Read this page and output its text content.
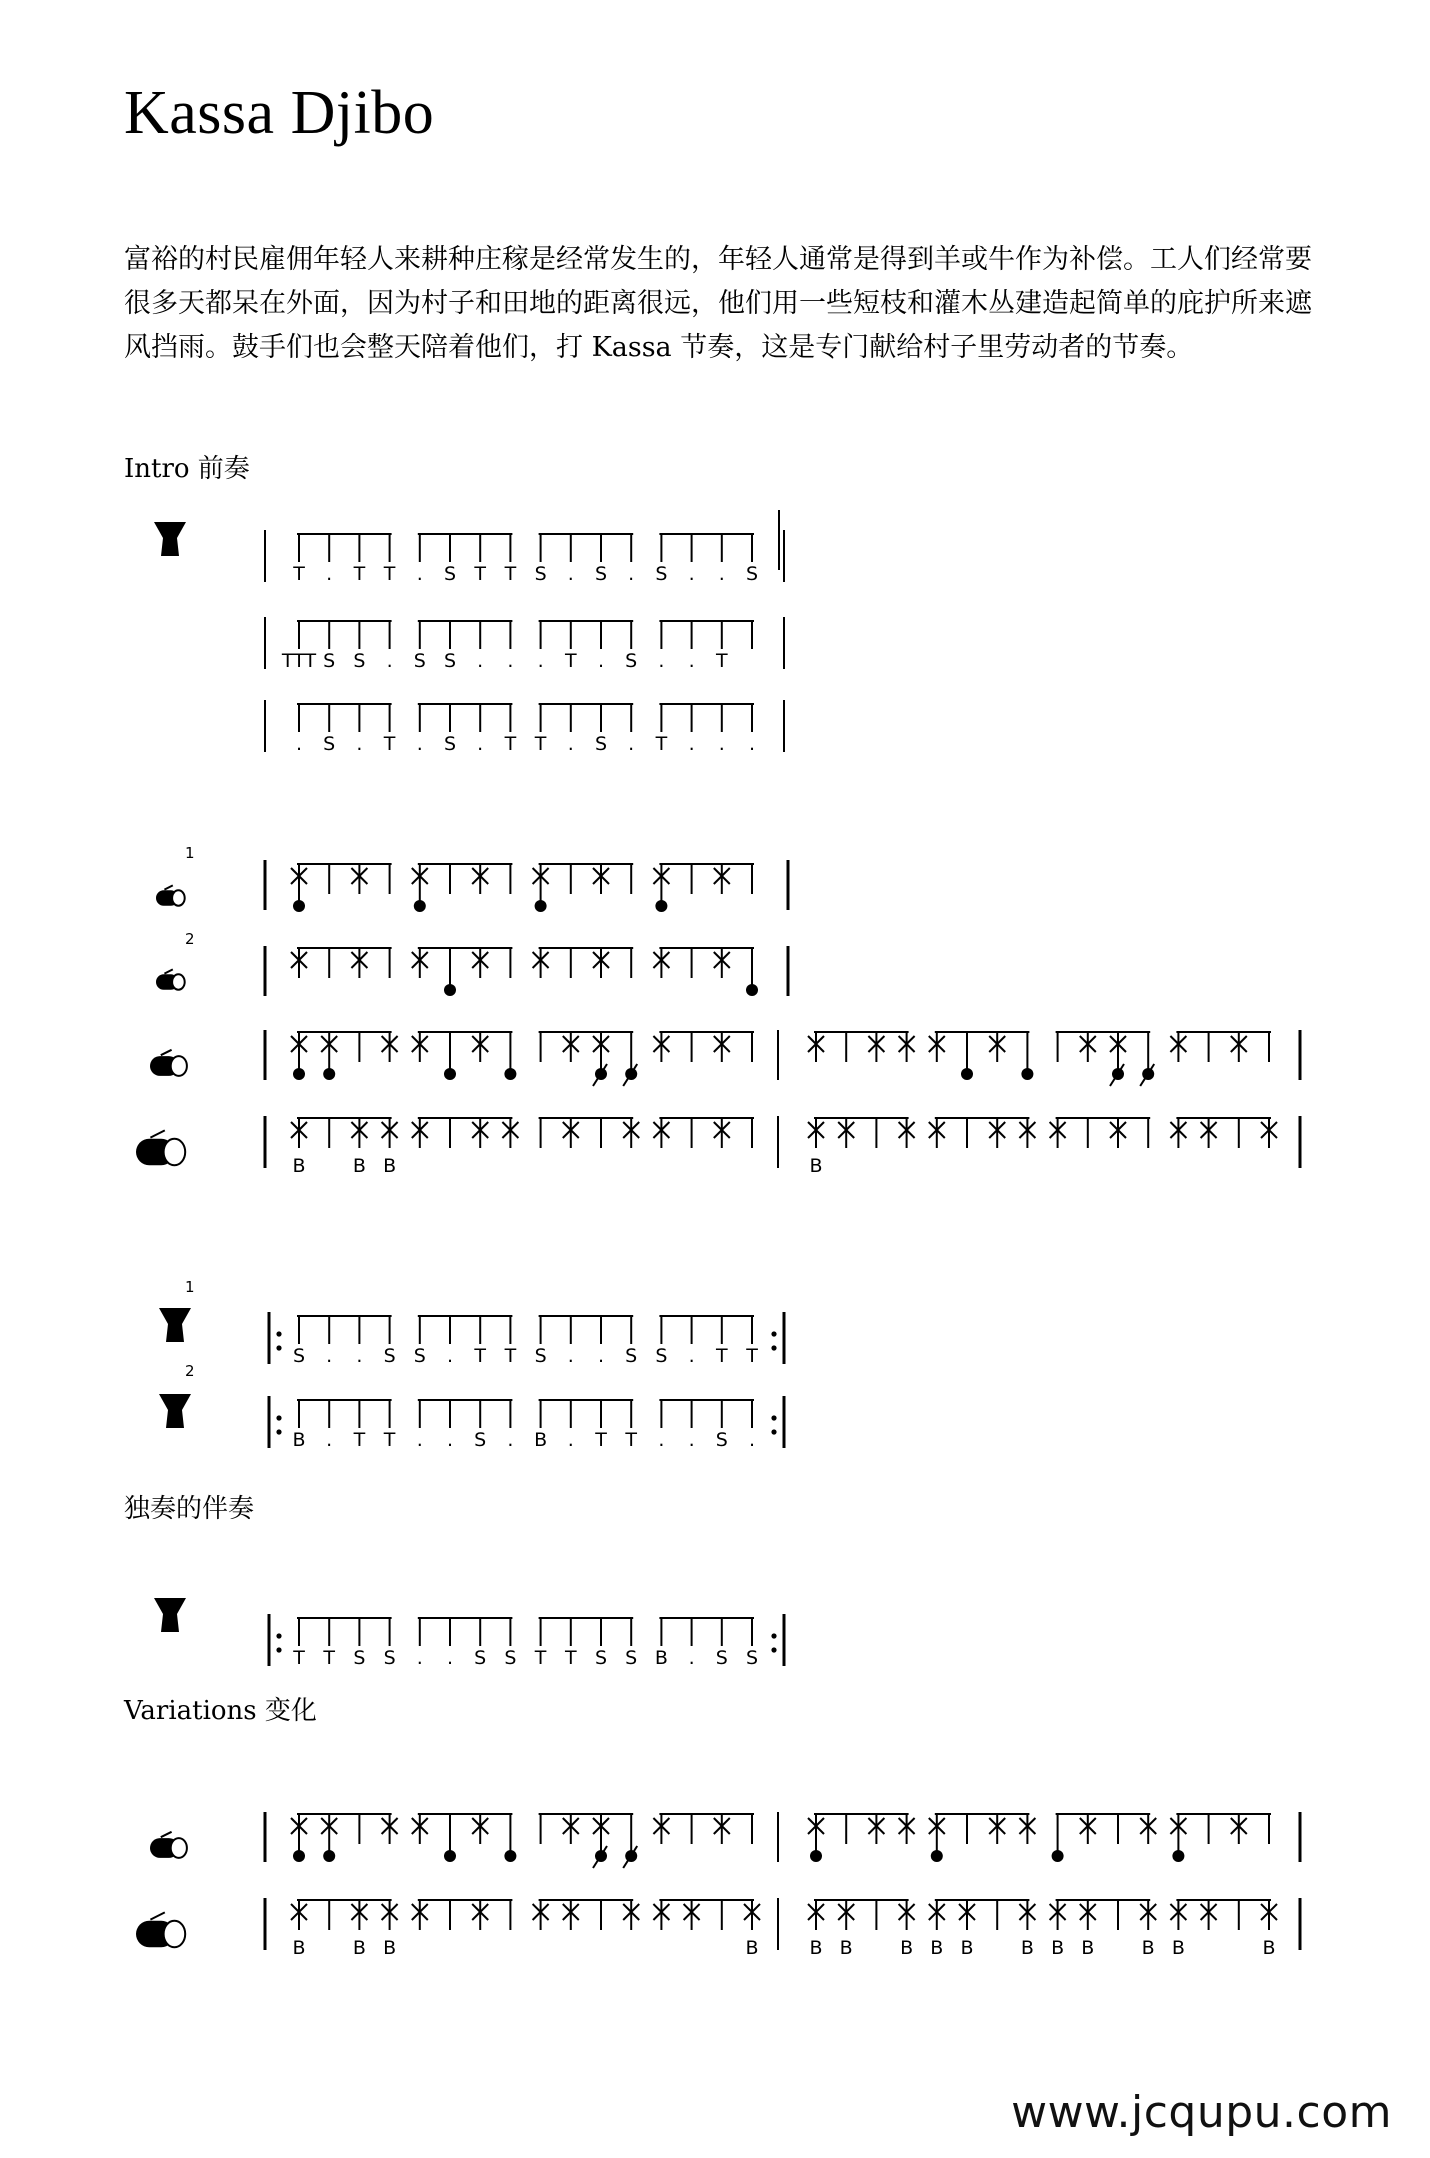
Kassa Djibo
富裕的村民雇佣年轻人来耕种庄稼是经常发生的，年轻人通常是得到羊或牛作为补偿。工人们经常要很多天都呆在外面，因为村子和田地的距离很远，他们用一些短枝和灌木丛建造起简单的庇护所来遮风挡雨。鼓手们也会整天陪着他们，打 Kassa 节奏，这是专门献给村子里劳动者的节奏。
Intro 前奏
独奏的伴奏
Variations 变化
T . T T . S T T S . S . S . . S
TTT S S . S S . . . T . S . . T
. S . T . S . T T . S . T . . .
1
2
B B B	B
1
S . . S S . T T S . . S S . T T
2
B . T T . . S . B . T T . . S .
T T S S . . S S T T S S B . S S
B B B	B	B B B B B B B B B B	B
www.jcqupu.com
